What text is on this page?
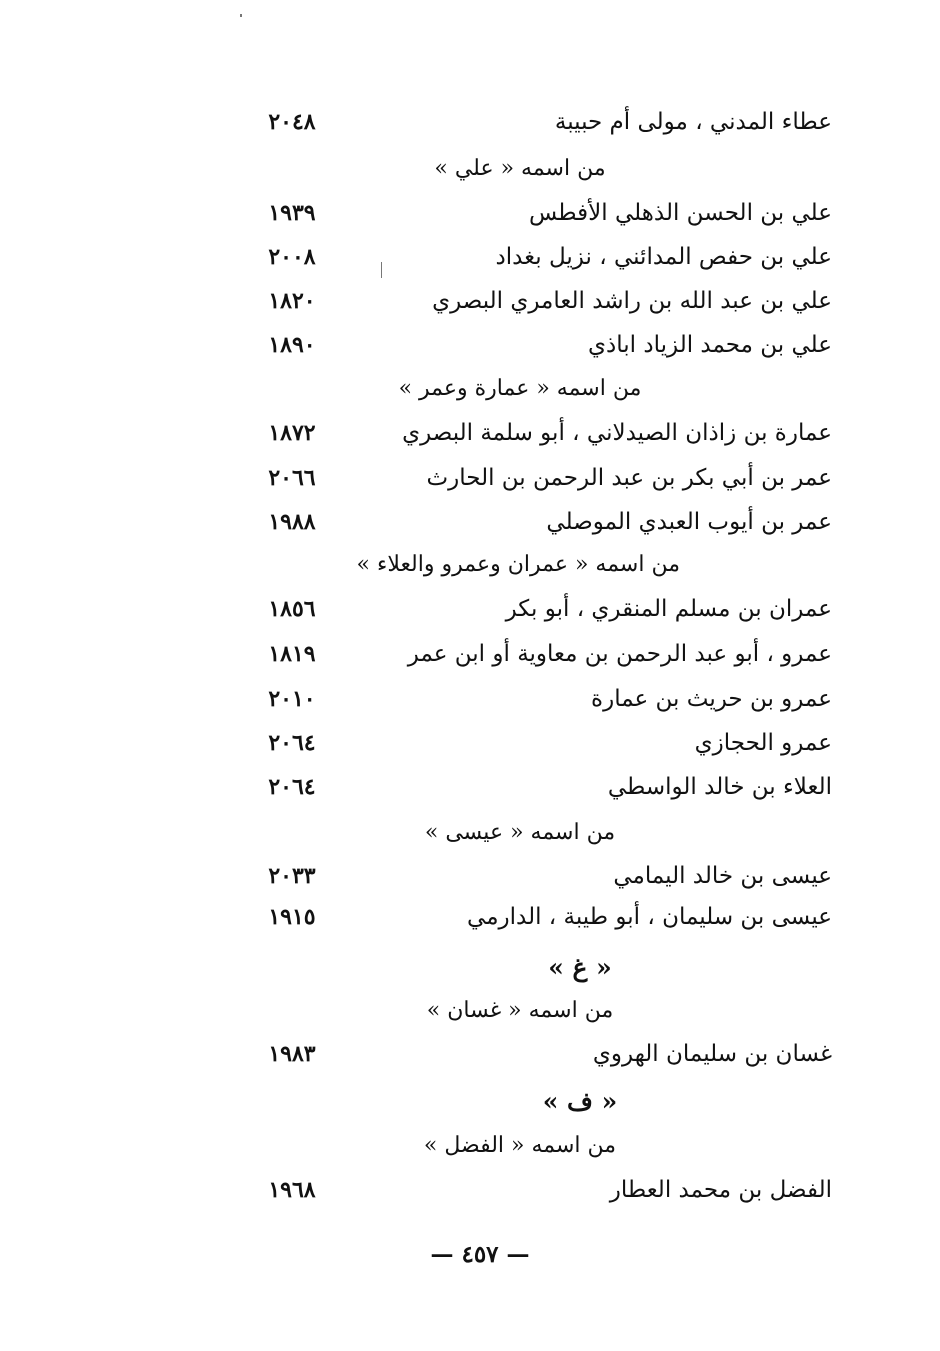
عطاء المدني ، مولى أم حبيبة
٢٠٤٨
من اسمه « علي »
علي بن الحسن الذهلي الأفطس
١٩٣٩
علي بن حفص المدائني ، نزيل بغداد
٢٠٠٨
علي بن عبد الله بن راشد العامري البصري
١٨٢٠
علي بن محمد الزياد اباذي
١٨٩٠
من اسمه « عمارة وعمر »
عمارة بن زاذان الصيدلاني ، أبو سلمة البصري
١٨٧٢
عمر بن أبي بكر بن عبد الرحمن بن الحارث
٢٠٦٦
عمر بن أيوب العبدي الموصلي
١٩٨٨
من اسمه « عمران وعمرو والعلاء »
عمران بن مسلم المنقري ، أبو بكر
١٨٥٦
عمرو ، أبو عبد الرحمن بن معاوية أو ابن عمر
١٨١٩
عمرو بن حريث بن عمارة
٢٠١٠
عمرو الحجازي
٢٠٦٤
العلاء بن خالد الواسطي
٢٠٦٤
من اسمه « عيسى »
عيسى بن خالد اليمامي
٢٠٣٣
عيسى بن سليمان ، أبو طيبة ، الدارمي
١٩١٥
« غ »
من اسمه « غسان »
غسان بن سليمان الهروي
١٩٨٣
« ف »
من اسمه « الفضل »
الفضل بن محمد العطار
١٩٦٨
— ٤٥٧ —
